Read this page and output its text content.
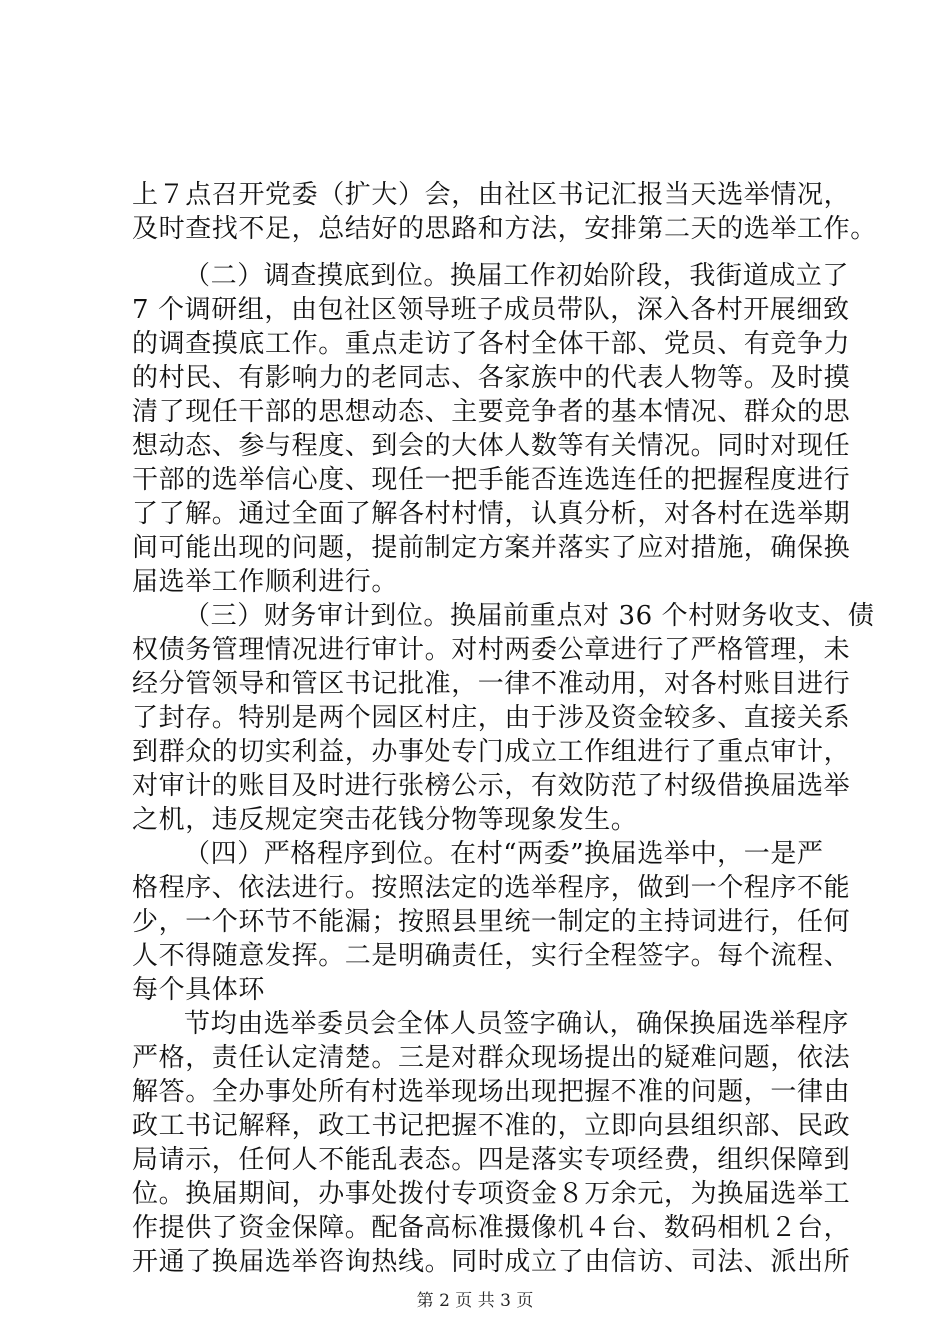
上７点召开党委（扩大）会，由社区书记汇报当天选举情况，
及时查找不足，总结好的思路和方法，安排第二天的选举工作。
（二）调查摸底到位。换届工作初始阶段，我街道成立了
7 个调研组，由包社区领导班子成员带队，深入各村开展细致
的调查摸底工作。重点走访了各村全体干部、党员、有竞争力
的村民、有影响力的老同志、各家族中的代表人物等。及时摸
清了现任干部的思想动态、主要竞争者的基本情况、群众的思
想动态、参与程度、到会的大体人数等有关情况。同时对现任
干部的选举信心度、现任一把手能否连选连任的把握程度进行
了了解。通过全面了解各村村情，认真分析，对各村在选举期
间可能出现的问题，提前制定方案并落实了应对措施，确保换
届选举工作顺利进行。
（三）财务审计到位。换届前重点对 36 个村财务收支、债
权债务管理情况进行审计。对村两委公章进行了严格管理，未
经分管领导和管区书记批准，一律不准动用，对各村账目进行
了封存。特别是两个园区村庄，由于涉及资金较多、直接关系
到群众的切实利益，办事处专门成立工作组进行了重点审计，
对审计的账目及时进行张榜公示，有效防范了村级借换届选举
之机，违反规定突击花钱分物等现象发生。
（四）严格程序到位。在村“两委”换届选举中，一是严
格程序、依法进行。按照法定的选举程序，做到一个程序不能
少，一个环节不能漏；按照县里统一制定的主持词进行，任何
人不得随意发挥。二是明确责任，实行全程签字。每个流程、
每个具体环
节均由选举委员会全体人员签字确认，确保换届选举程序
严格，责任认定清楚。三是对群众现场提出的疑难问题，依法
解答。全办事处所有村选举现场出现把握不准的问题，一律由
政工书记解释，政工书记把握不准的，立即向县组织部、民政
局请示，任何人不能乱表态。四是落实专项经费，组织保障到
位。换届期间，办事处拨付专项资金８万余元，为换届选举工
作提供了资金保障。配备高标准摄像机４台、数码相机２台，
开通了换届选举咨询热线。同时成立了由信访、司法、派出所
第 2 页 共 3 页
